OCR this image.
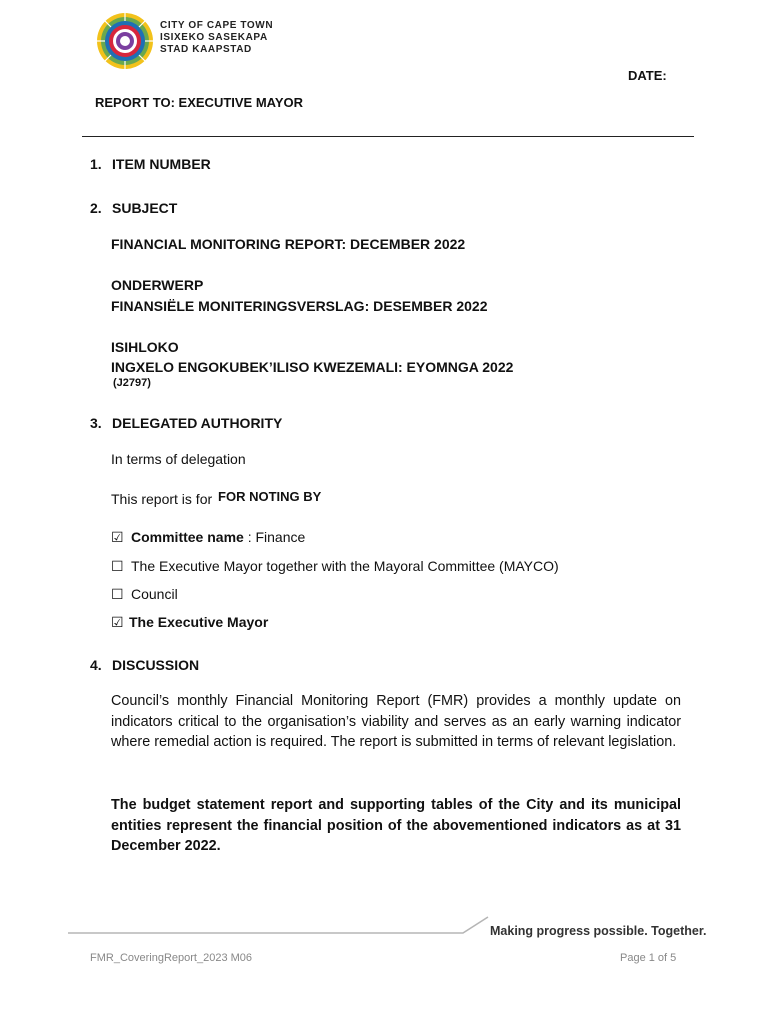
CITY OF CAPE TOWN
ISIXEKO SASEKAPA
STAD KAAPSTAD
DATE:
REPORT TO: EXECUTIVE MAYOR
1. ITEM NUMBER
2. SUBJECT
FINANCIAL MONITORING REPORT: DECEMBER 2022
ONDERWERP
FINANSIËLE MONITERINGSVERSLAG: DESEMBER 2022
ISIHLOKO
INGXELO ENGOKUBEK’ILISO KWEZEMALI: EYOMNGA 2022
(J2797)
3. DELEGATED AUTHORITY
In terms of delegation
This report is for FOR NOTING BY
☑ Committee name : Finance
☐ The Executive Mayor together with the Mayoral Committee (MAYCO)
☐ Council
☑ The Executive Mayor
4. DISCUSSION
Council’s monthly Financial Monitoring Report (FMR) provides a monthly update on indicators critical to the organisation’s viability and serves as an early warning indicator where remedial action is required. The report is submitted in terms of relevant legislation.
The budget statement report and supporting tables of the City and its municipal entities represent the financial position of the abovementioned indicators as at 31 December 2022.
Making progress possible. Together.
FMR_CoveringReport_2023 M06	Page 1 of 5
